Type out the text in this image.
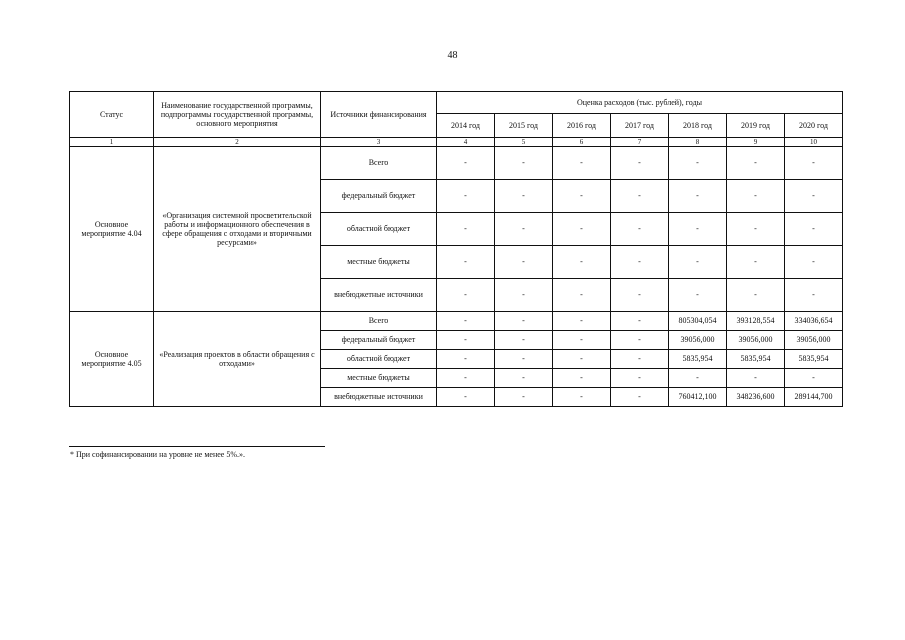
48
Статус	Наименование государственной программы, подпрограммы государственной программы, основного мероприятия	Источники финансирования	Оценка расходов (тыс. рублей), годы						
			2014 год	2015 год	2016 год	2017 год	2018 год	2019 год	2020 год
1	2	3	4	5	6	7	8	9	10
Основное мероприятие 4.04	«Организация системной просветительской работы и информационного обеспечения в сфере обращения с отходами и вторичными ресурсами»	Всего	-	-	-	-	-	-	-
		федеральный бюджет	-	-	-	-	-	-	-
		областной бюджет	-	-	-	-	-	-	-
		местные бюджеты	-	-	-	-	-	-	-
		внебюджетные источники	-	-	-	-	-	-	-
Основное мероприятие 4.05	«Реализация проектов в области обращения с отходами»	Всего	-	-	-	-	805304,054	393128,554	334036,654
		федеральный бюджет	-	-	-	-	39056,000	39056,000	39056,000
		областной бюджет	-	-	-	-	5835,954	5835,954	5835,954
		местные бюджеты	-	-	-	-	-	-	-
		внебюджетные источники	-	-	-	-	760412,100	348236,600	289144,700
* При софинансировании на уровне не менее 5%.».
